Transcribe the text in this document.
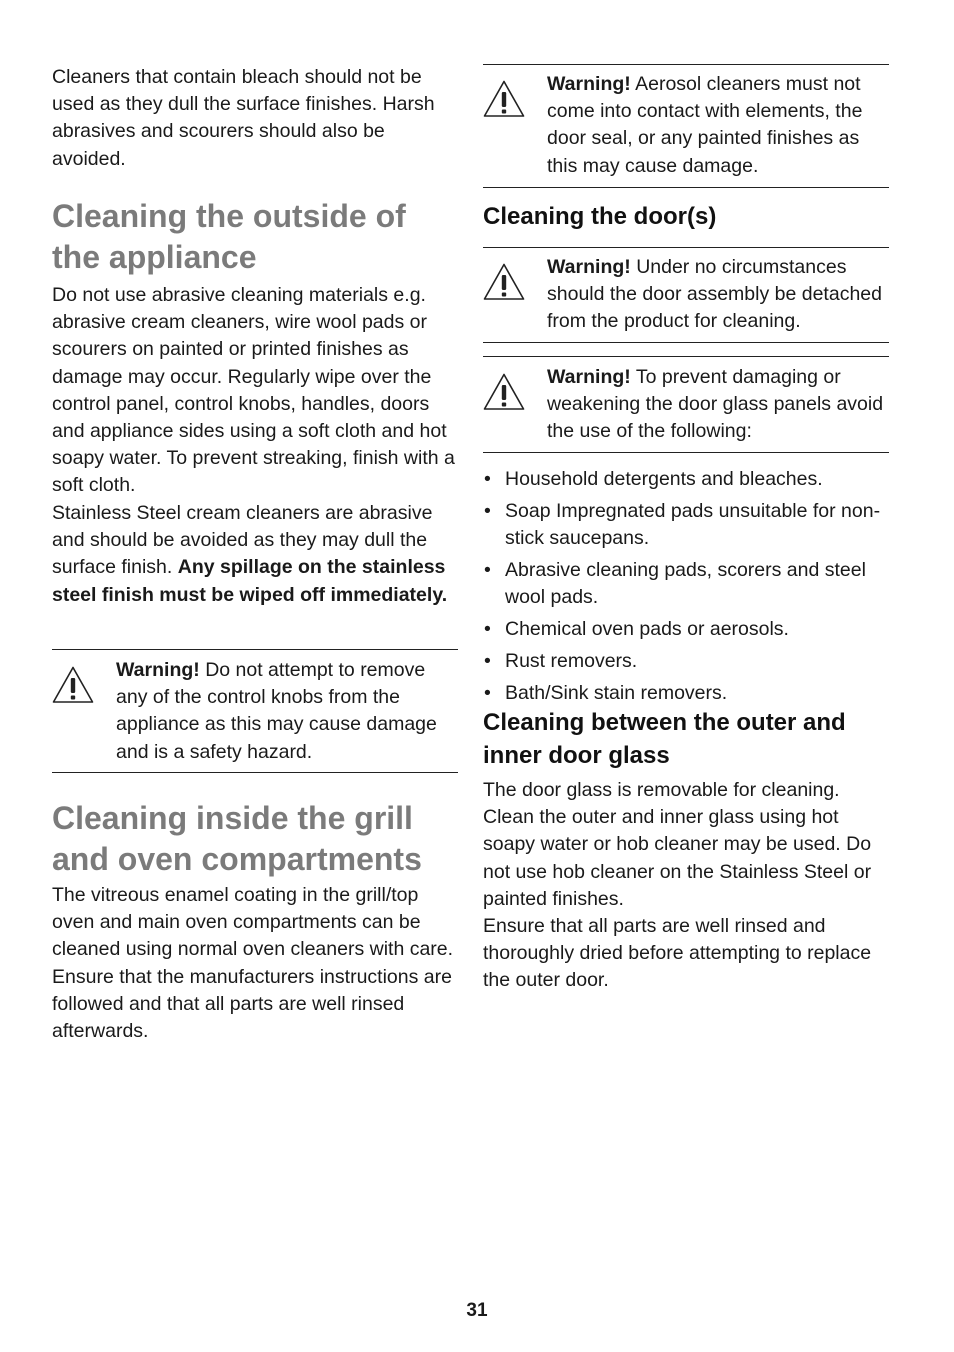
Cleaners that contain bleach should not be used as they dull the surface finishes. Harsh abrasives and scourers should also be avoided.

Cleaning the outside of the appliance

Do not use abrasive cleaning materials e.g. abrasive cream cleaners, wire wool pads or scourers on painted or printed finishes as damage may occur. Regularly wipe over the control panel, control knobs, handles, doors and appliance sides using a soft cloth and hot soapy water. To prevent streaking, finish with a soft cloth.

Stainless Steel cream cleaners are abrasive and should be avoided as they may dull the surface finish. Any spillage on the stainless steel finish must be wiped off immediately.

Warning! Do not attempt to remove any of the control knobs from the appliance as this may cause damage and is a safety hazard.

Cleaning inside the grill and oven compartments

The vitreous enamel coating in the grill/top oven and main oven compartments can be cleaned using normal oven cleaners with care. Ensure that the manufacturers instructions are followed and that all parts are well rinsed afterwards.

Warning! Aerosol cleaners must not come into contact with elements, the door seal, or any painted finishes as this may cause damage.

Cleaning the door(s)

Warning! Under no circumstances should the door assembly be detached from the product for cleaning.

Warning! To prevent damaging or weakening the door glass panels avoid the use of the following:

• Household detergents and bleaches.
• Soap Impregnated pads unsuitable for non-stick saucepans.
• Abrasive cleaning pads, scorers and steel wool pads.
• Chemical oven pads or aerosols.
• Rust removers.
• Bath/Sink stain removers.
Cleaning between the outer and inner door glass

The door glass is removable for cleaning. Clean the outer and inner glass using hot soapy water or hob cleaner may be used. Do not use hob cleaner on the Stainless Steel or painted finishes.

Ensure that all parts are well rinsed and thoroughly dried before attempting to replace the outer door.

31
